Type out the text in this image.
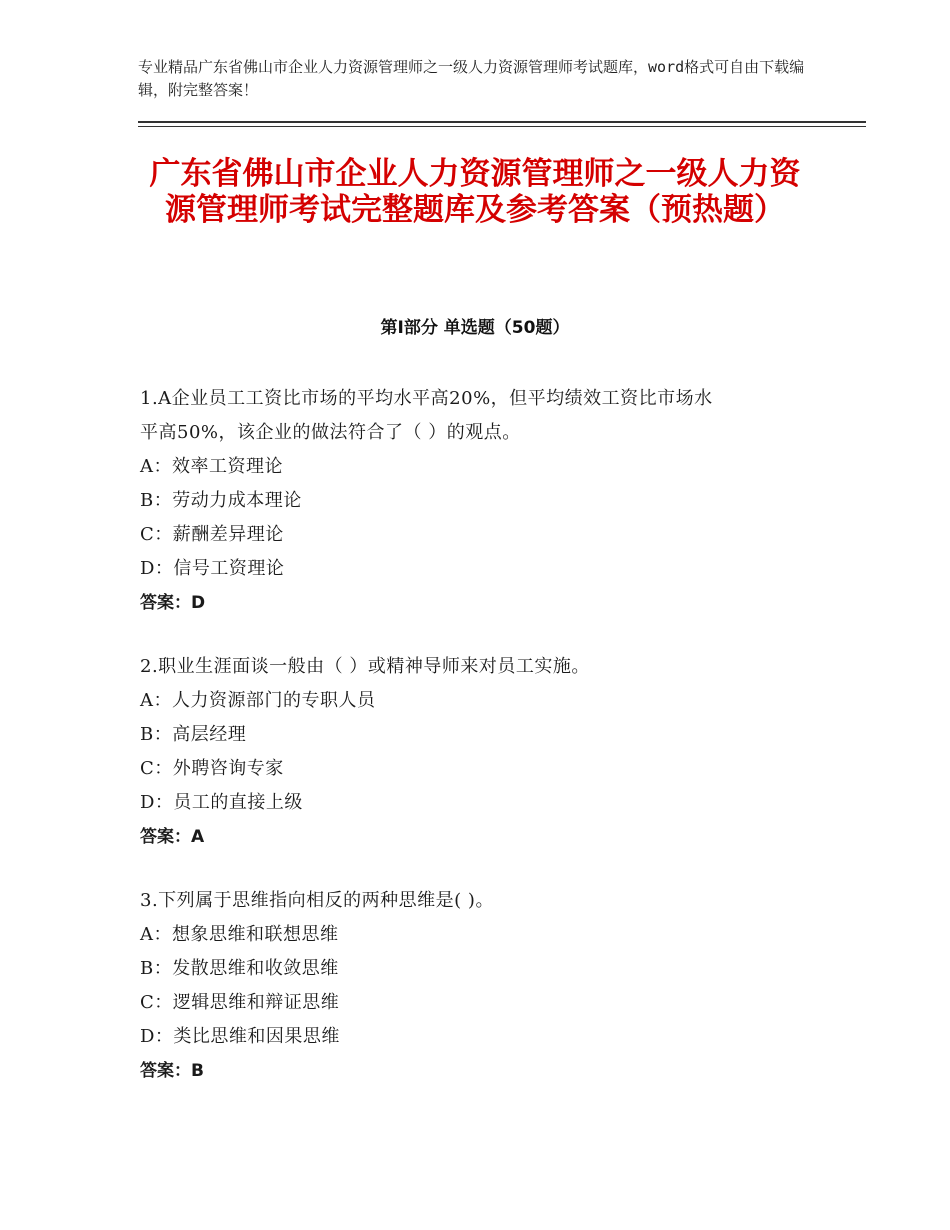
专业精品广东省佛山市企业人力资源管理师之一级人力资源管理师考试题库，word格式可自由下载编辑，附完整答案！
广东省佛山市企业人力资源管理师之一级人力资源管理师考试完整题库及参考答案（预热题）
第Ⅰ部分 单选题（50题）
1.A企业员工工资比市场的平均水平高20%，但平均绩效工资比市场水
平高50%，该企业的做法符合了（ ）的观点。
A：效率工资理论
B：劳动力成本理论
C：薪酬差异理论
D：信号工资理论
答案：D
2.职业生涯面谈一般由（ ）或精神导师来对员工实施。
A：人力资源部门的专职人员
B：高层经理
C：外聘咨询专家
D：员工的直接上级
答案：A
3.下列属于思维指向相反的两种思维是( )。
A：想象思维和联想思维
B：发散思维和收敛思维
C：逻辑思维和辩证思维
D：类比思维和因果思维
答案：B
